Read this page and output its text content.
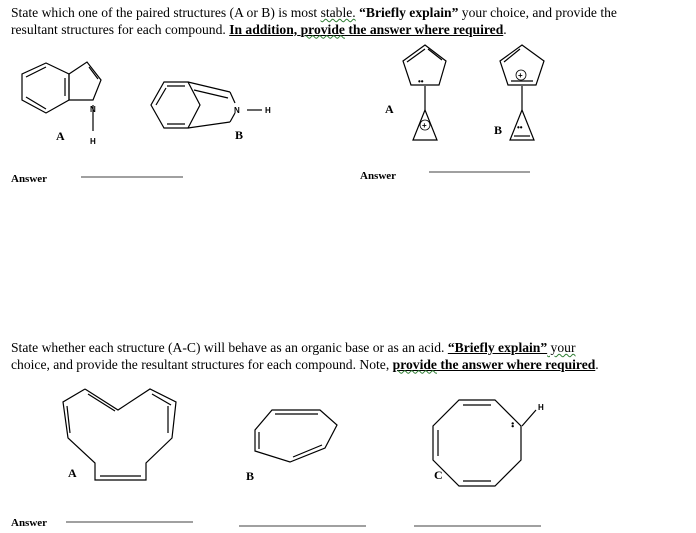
State which one of the paired structures (A or B) is most stable. “Briefly explain” your choice, and provide the
resultant structures for each compound. In addition, provide the answer where required.
State whether each structure (A-C) will behave as an organic base or as an acid. “Briefly explain” your
choice, and provide the resultant structures for each compound. Note, provide the answer where required.
N
H
A
N	H
B
Answer
••
+
A
+
••
B
Answer
A	B
H
••
C
Answer
